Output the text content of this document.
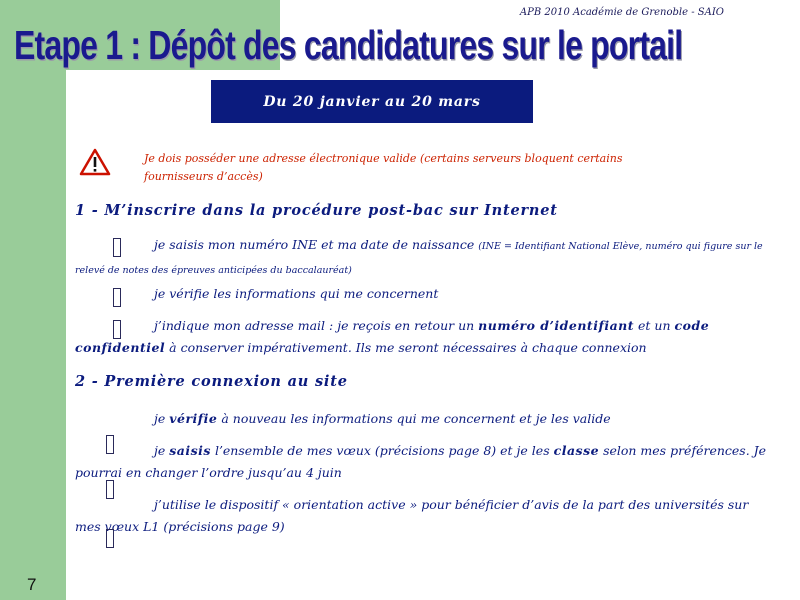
APB 2010 Académie de Grenoble - SAIO
Etape 1 : Dépôt des candidatures sur le portail
Du 20 janvier au 20 mars

Je dois posséder une adresse électronique valide (certains serveurs bloquent certains fournisseurs d’accès)

1 - M’inscrire dans la procédure post-bac sur Internet

je saisis mon numéro INE et ma date de naissance (INE = Identifiant National Elève, numéro qui figure sur le relevé de notes des épreuves anticipées du baccalauréat)

je vérifie les informations qui me concernent

j’indique mon adresse mail : je reçois en retour un numéro d’identifiant et un code confidentiel à conserver impérativement. Ils me seront nécessaires à chaque connexion

2 - Première connexion au site

je vérifie à nouveau les informations qui me concernent et je les valide

je saisis l’ensemble de mes vœux (précisions page 8) et je les classe selon mes préférences. Je pourrai en changer l’ordre jusqu’au 4 juin

j’utilise le dispositif « orientation active » pour bénéficier d’avis de la part des universités sur mes vœux L1 (précisions page 9)

7
